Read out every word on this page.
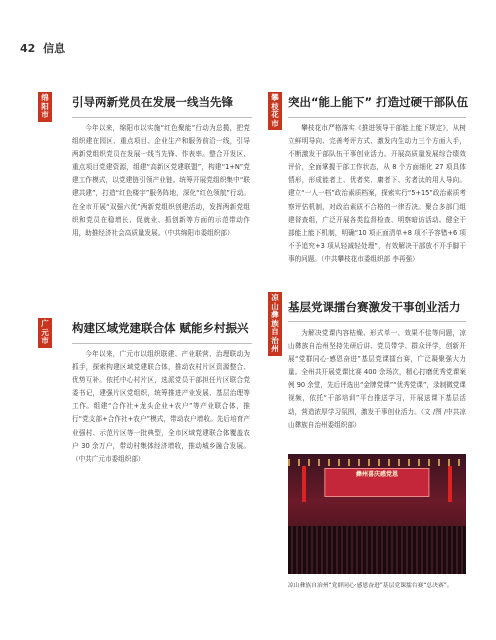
42 信息
绵
阳
市
引导两新党员在发展一线当先锋

今年以来，绵阳市以实施“红色聚能”行动为总揽，把党组织建在园区、重点项目、企业生产和服务前沿一线，引导两新党组织党员在发展一线当先锋、作表率。整合开发区、重点项目党建资源，组建“高新区党建联盟”，构建“1+N”党建工作模式，以党建链引领产业链。统筹开展党组织集中“联建共建”，打造“红色楼宇”服务阵地，深化“红色领航”行动。在全市开展“双强六优”两新党组织创建活动，发挥两新党组织和党员在稳增长、促就业、抓创新等方面的示范带动作用，助推经济社会高质量发展。（中共绵阳市委组织部）

广
元
市
构建区域党建联合体 赋能乡村振兴

今年以来，广元市以组织联建、产业联营、治理联动为抓手，探索构建区域党建联合体，推动农村片区资源整合、优势互补。依托中心村片区，选派党员干部担任片区联合党委书记，建强片区党组织，统筹推进产业发展、基层治理等工作。组建“合作社+龙头企业+农户”等产业联合体，推行“党支部+合作社+农户”模式，带动农户增收。先后培育产业强村、示范片区等一批典型，全市区域党建联合体覆盖农户 30 余万户，带动村集体经济增收，推动城乡融合发展。（中共广元市委组织部）

攀
枝
花
市
突出“能上能下” 打造过硬干部队伍

攀枝花市严格落实《推进领导干部能上能下规定》，从树立鲜明导向、完善考评方式、激发内生动力三个方面入手，不断激发干部队伍干事创业活力。开展高质量发展综合绩效评价，全面掌握干部工作状态，从 8 个方面细化 27 项具体情形，形成能者上、优者奖、庸者下、劣者汰的用人导向。建立“一人一档”政治素质档案，探索实行“5+15”政治素质考察评估机制，对政治素质不合格的一律否决。聚合多部门组建督查组，广泛开展各类监督检查、明察暗访活动。健全干部能上能下机制，明确“10 项正面清单+8 项不予容错+6 项不予追究+3 项从轻减轻处理”，有效解决干部放不开手脚干事的问题。（中共攀枝花市委组织部 李再强）

凉
山
彝
族
自
治
州
基层党课擂台赛激发干事创业活力

为解决党课内容枯燥、形式单一、效果不佳等问题，凉山彝族自治州坚持先研后讲、党员带学、群众评学，创新开展“党群同心·感恩奋进”基层党课擂台赛，广泛凝聚强大力量。全州共开展党课比赛 400 余场次，精心打磨优秀党课案例 90 余堂，先后评选出“金牌党课”“优秀党课”，录制微党课视频，依托“干部培训”平台推送学习，开展送课下基层活动，营造浓厚学习氛围，激发干事创业活力。（文 /图 /中共凉山彝族自治州委组织部）

彝州喜庆感党恩
凉山彝族自治州“党群同心·感恩奋进”基层党课擂台赛“总决赛”。
